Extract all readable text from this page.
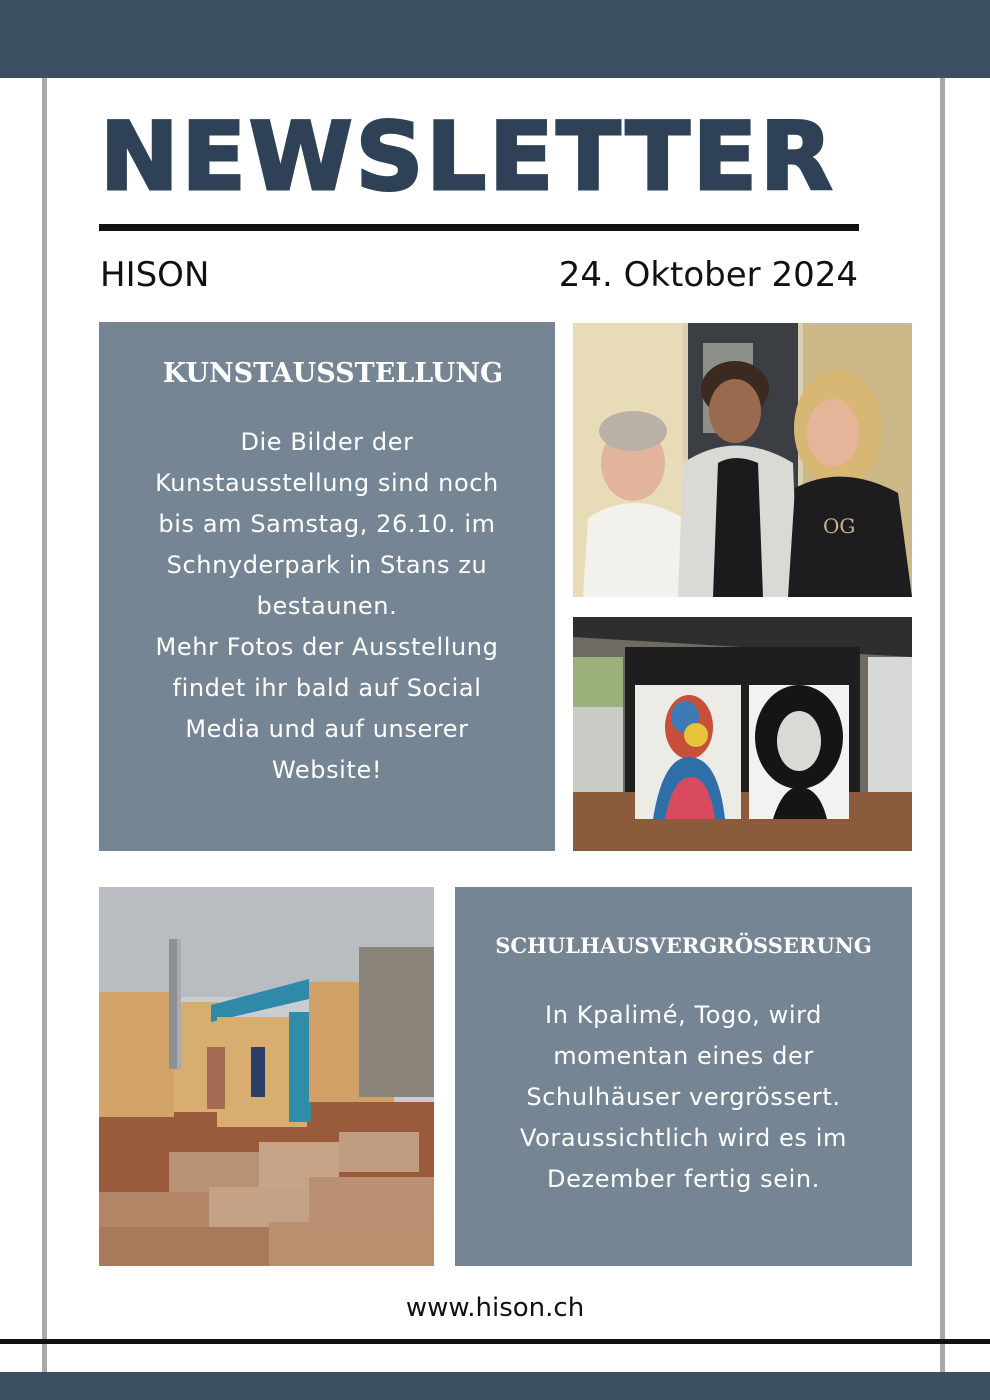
NEWSLETTER
HISON	24. Oktober 2024
KUNSTAUSSTELLUNG

Die Bilder der

Kunstausstellung sind noch

bis am Samstag, 26.10. im

Schnyderpark in Stans zu

bestaunen.

Mehr Fotos der Ausstellung

findet ihr bald auf Social

Media und auf unserer

Website!

OG
SCHULHAUSVERGRÖSSERUNG

In Kpalimé, Togo, wird

momentan eines der

Schulhäuser vergrössert.

Voraussichtlich wird es im

Dezember fertig sein.

www.hison.ch
